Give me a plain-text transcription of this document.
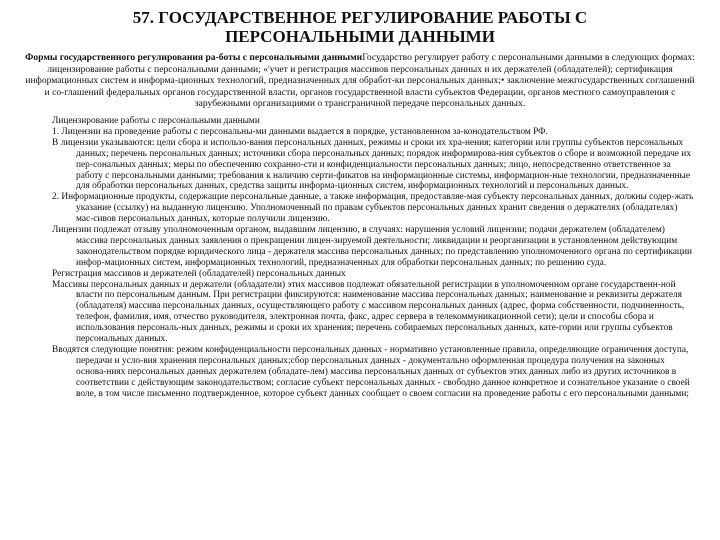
57. ГОСУДАРСТВЕННОЕ РЕГУЛИРОВАНИЕ РАБОТЫ С ПЕРСОНАЛЬНЫМИ ДАННЫМИ
Формы государственного регулирования ра-боты с персональными даннымиГосударство регулирует работу с персональными данными в следующих формах: лицензирование работы с персональными данными; «'учет и регистрация массивов персональных данных и их держателей (обладателей); сертификация информационных систем и информа-ционных технологий, предназначенных для обработ-ки персональных данных;• заключение межгосударственных соглашений и со-глашений федеральных органов государственной власти, органов государственной власти субъектов Федерации, органов местного самоуправления с зарубежными организациями о трансграничной передаче персональных данных.

Лицензирование работы с персональными данными

1. Лицензии на проведение работы с персональны-ми данными выдается в порядке, установленном за-конодательством РФ.

В лицензии указываются: цели сбора и использо-вания персональных данных, режимы и сроки их хра-нения; категории или группы субъектов персональных данных; перечень персональных данных; источники сбора персональных данных; порядок информирова-ния субъектов о сборе и возможной передаче их пер-сональных данных; меры по обеспечению сохранно-сти и конфиденциальности персональных данных; лицо, непосредственно ответственное за работу с персональными данными; требования к наличию серти-фикатов на информационные системы, информацион-ные технологии, предназначенные для обработки персональных данных, средства защиты информа-ционных систем, информационных технологий и персональных данных.

2. Информационные продукты, содержащие персональные данные, а также информация, предоставляе-мая субъекту персональных данных, должны содер-жать указание (ссылку) на выданную лицензию. Уполномоченный по правам субъектов персональных данных хранит сведения о держателях (обладателях) мас-сивов персональных данных, которые получили лицензию.

Лицензии подлежат отзыву уполномоченным органом, выдавшим лицензию, в случаях: нарушения условий лицензии; подачи держателем (обладателем) массива персональных данных заявления о прекращении лицен-зируемой деятельности; ликвидации и реорганизации в установленном действующим законодательством порядке юридического лица - держателя массива персональных данных; по представлению уполномоченного органа по сертификации инфор-мационных систем, информационных технологий, предназначенных для обработки персональных данных; по решению суда.

Регистрация массивов и держателей (обладателей) персональных данных

Массивы персональных данных и держатели (обладатели) этих массивов подлежат обязательной регистрации в уполномоченном органе государственн-ной власти по персональным данным. При регистрации фиксируются: наименование массива персональных данных; наименование и реквизиты держателя (обладателя) массива персональных данных, осуществляющего работу с массивом персональных данных (адрес, форма собственности, подчиненность, телефон, фамилия, имя, отчество руководителя, электронная почта, факс, адрес сервера в телекоммуникационной сети); цели и способы сбора и использования персональ-ных данных, режимы и сроки их хранения; перечень собираемых персональных данных, кате-гории или группы субъектов персональных данных.

Вводятся следующие понятия: режим конфиденциальности персональных данных - нормативно установленные правила, определяющие ограничения доступа, передачи и усло-вия хранения персональных данных;сбор персональных данных - документально оформленная процедура получения на законных основа-ниях персональных данных держателем (обладате-лем) массива персональных данных от субъектов этих данных либо из других источников в соответствии с действующим законодательством; согласие субъект персональных данных - свободно данное конкретное и сознательное указание о своей воле, в том числе письменно подтвержденное, которое субъект данных сообщает о своем согласии на проведение работы с его персональными данными;
